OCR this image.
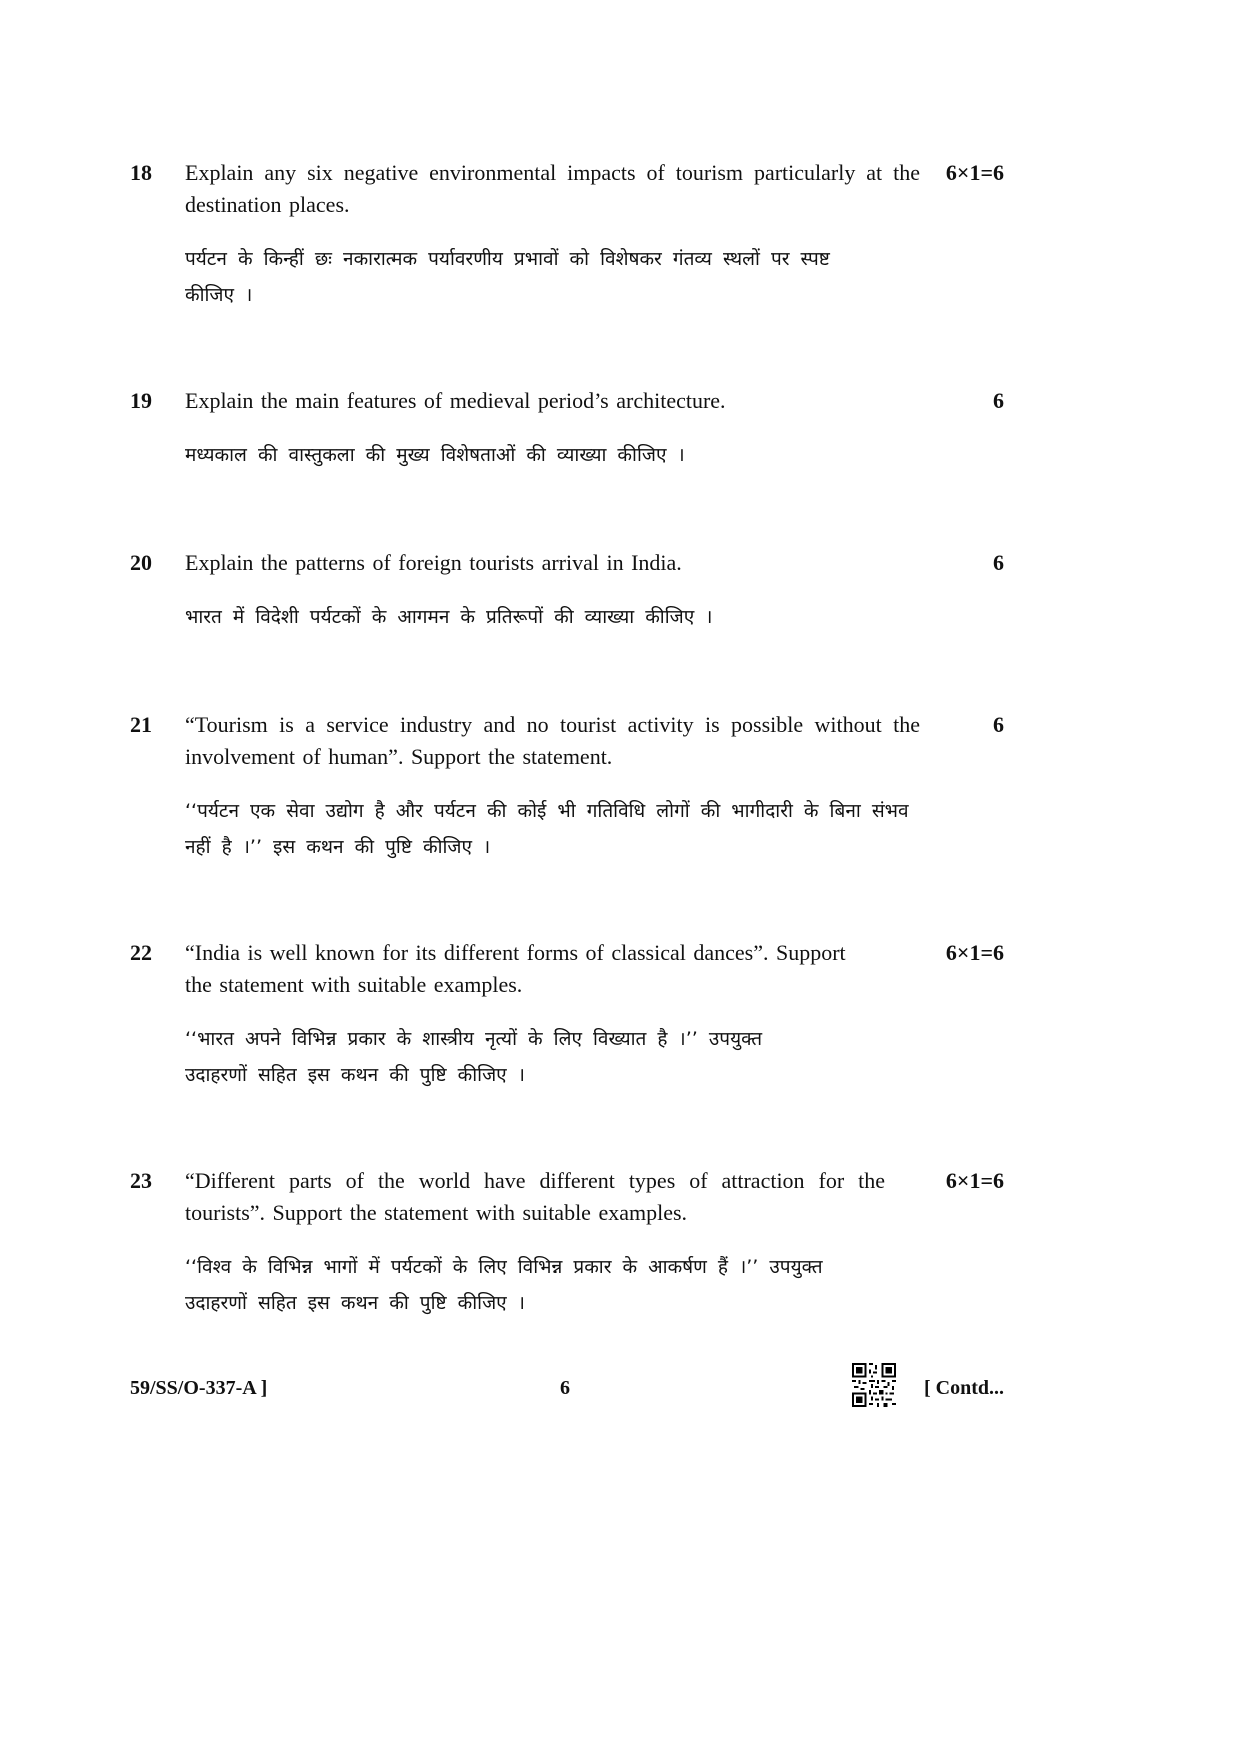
18 Explain any six negative environmental impacts of tourism particularly at the destination places.
6×1=6
पर्यटन के किन्हीं छः नकारात्मक पर्यावरणीय प्रभावों को विशेषकर गंतव्य स्थलों पर स्पष्ट कीजिए ।
19 Explain the main features of medieval period’s architecture.	6
मध्यकाल की वास्तुकला की मुख्य विशेषताओं की व्याख्या कीजिए ।
20 Explain the patterns of foreign tourists arrival in India.	6
भारत में विदेशी पर्यटकों के आगमन के प्रतिरूपों की व्याख्या कीजिए ।
21 “Tourism is a service industry and no tourist activity is possible without the involvement of human”. Support the statement.
6
‘‘पर्यटन एक सेवा उद्योग है और पर्यटन की कोई भी गतिविधि लोगों की भागीदारी के बिना संभव नहीं है ।’’ इस कथन की पुष्टि कीजिए ।
22 “India is well known for its different forms of classical dances”. Support the statement with suitable examples.
6×1=6
‘‘भारत अपने विभिन्न प्रकार के शास्त्रीय नृत्यों के लिए विख्यात है ।’’ उपयुक्त उदाहरणों सहित इस कथन की पुष्टि कीजिए ।
23 “Different parts of the world have different types of attraction for the tourists”. Support the statement with suitable examples.
6×1=6
‘‘विश्व के विभिन्न भागों में पर्यटकों के लिए विभिन्न प्रकार के आकर्षण हैं ।’’ उपयुक्त उदाहरणों सहित इस कथन की पुष्टि कीजिए ।
59/SS/O-337-A ]	6	[ Contd...
